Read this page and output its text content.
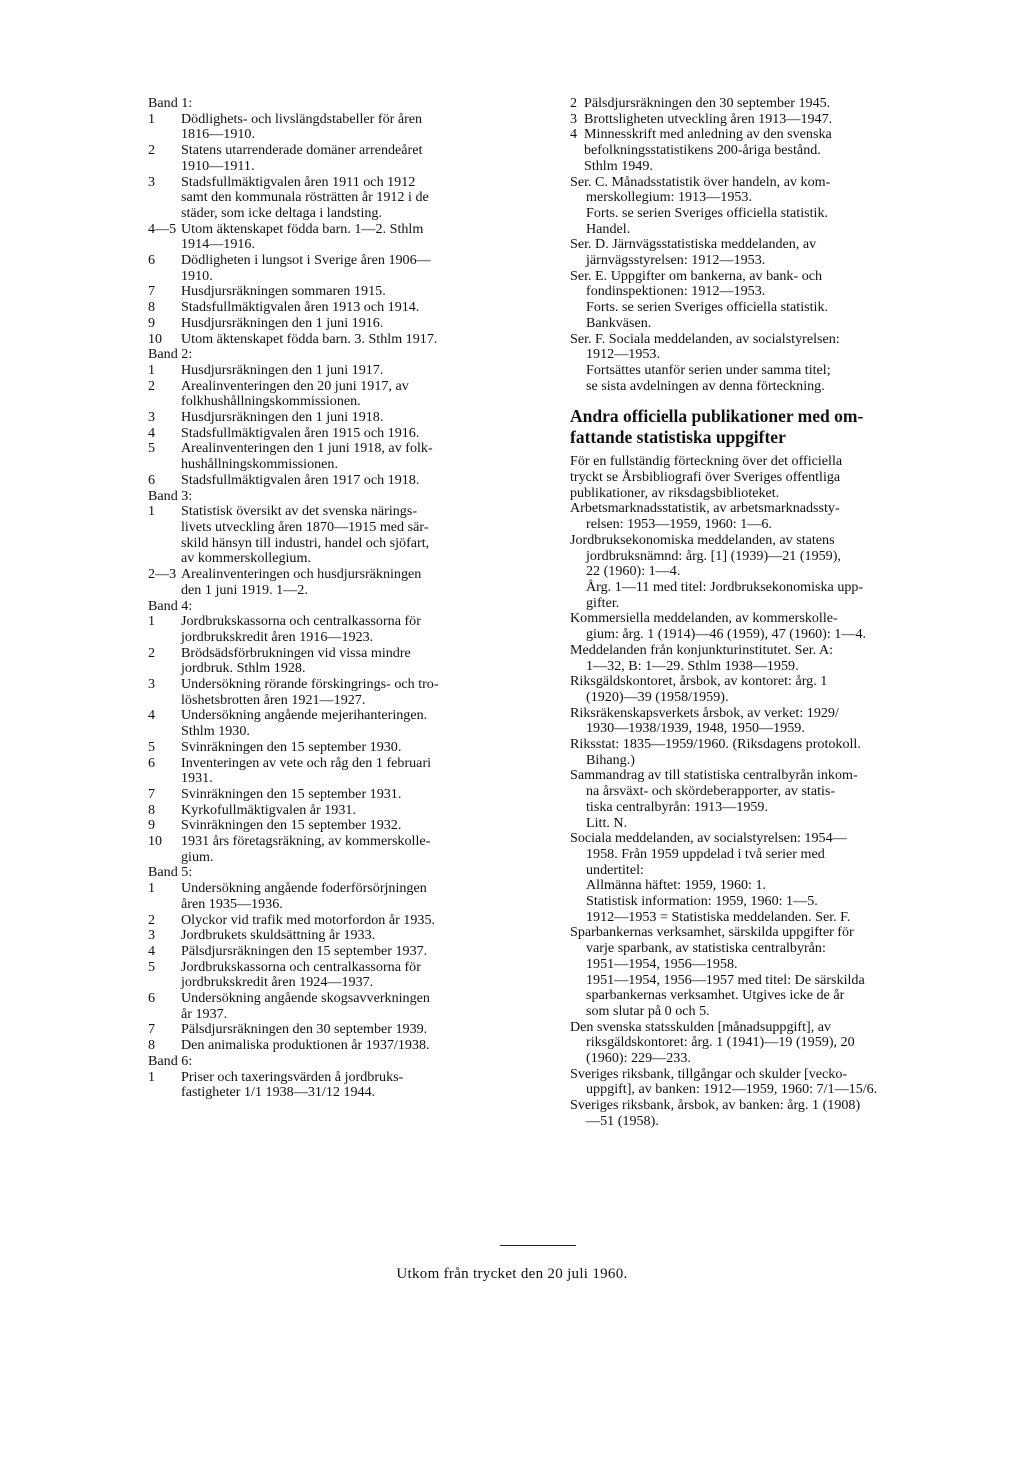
Band 1:
1	Dödlighets- och livslängdstabeller för åren
1816—1910.
2	Statens utarrenderade domäner arrendeåret
1910—1911.
3	Stadsfullmäktigvalen åren 1911 och 1912
samt den kommunala rösträtten år 1912 i de
städer, som icke deltaga i landsting.
4—5 Utom äktenskapet födda barn. 1—2. Sthlm
1914—1916.
6	Dödligheten i lungsot i Sverige åren 1906—
1910.
7	Husdjursräkningen sommaren 1915.
8	Stadsfullmäktigvalen åren 1913 och 1914.
9	Husdjursräkningen den 1 juni 1916.
10	Utom äktenskapet födda barn. 3. Sthlm 1917.
Band 2:
1	Husdjursräkningen den 1 juni 1917.
2	Arealinventeringen den 20 juni 1917, av
folkhushållningskommissionen.
3	Husdjursräkningen den 1 juni 1918.
4	Stadsfullmäktigvalen åren 1915 och 1916.
5	Arealinventeringen den 1 juni 1918, av folk-
hushållningskommissionen.
6	Stadsfullmäktigvalen åren 1917 och 1918.
Band 3:
1	Statistisk översikt av det svenska närings-
livets utveckling åren 1870—1915 med sär-
skild hänsyn till industri, handel och sjöfart,
av kommerskollegium.
2—3 Arealinventeringen och husdjursräkningen
den 1 juni 1919. 1—2.
Band 4:
1	Jordbrukskassorna och centralkassorna för
jordbrukskredit åren 1916—1923.
2	Brödsädsförbrukningen vid vissa mindre
jordbruk. Sthlm 1928.
3	Undersökning rörande förskingrings- och tro-
löshetsbrotten åren 1921—1927.
4	Undersökning angående mejerihanteringen.
Sthlm 1930.
5	Svinräkningen den 15 september 1930.
6	Inventeringen av vete och råg den 1 februari
1931.
7	Svinräkningen den 15 september 1931.
8	Kyrkofullmäktigvalen år 1931.
9	Svinräkningen den 15 september 1932.
10	1931 års företagsräkning, av kommerskolle-
gium.
Band 5:
1	Undersökning angående foderförsörjningen
åren 1935—1936.
2	Olyckor vid trafik med motorfordon år 1935.
3	Jordbrukets skuldsättning år 1933.
4	Pälsdjursräkningen den 15 september 1937.
5	Jordbrukskassorna och centralkassorna för
jordbrukskredit åren 1924—1937.
6	Undersökning angående skogsavverkningen
år 1937.
7	Pälsdjursräkningen den 30 september 1939.
8	Den animaliska produktionen år 1937/1938.
Band 6:
1	Priser och taxeringsvärden å jordbruks-
fastigheter 1/1 1938—31/12 1944.
2 Pälsdjursräkningen den 30 september 1945.
3 Brottsligheten utveckling åren 1913—1947.
4 Minnesskrift med anledning av den svenska
befolkningsstatistikens 200-åriga bestånd.
Sthlm 1949.
Ser. C. Månadsstatistik över handeln, av kom-
merskollegium: 1913—1953.
Forts. se serien Sveriges officiella statistik.
Handel.
Ser. D. Järnvägsstatistiska meddelanden, av
järnvägsstyrelsen: 1912—1953.
Ser. E. Uppgifter om bankerna, av bank- och
fondinspektionen: 1912—1953.
Forts. se serien Sveriges officiella statistik.
Bankväsen.
Ser. F. Sociala meddelanden, av socialstyrelsen:
1912—1953.
Fortsättes utanför serien under samma titel;
se sista avdelningen av denna förteckning.
Andra officiella publikationer med om-
fattande statistiska uppgifter
För en fullständig förteckning över det officiella
tryckt se Årsbibliografi över Sveriges offentliga
publikationer, av riksdagsbiblioteket.
Arbetsmarknadsstatistik, av arbetsmarknadssty-
relsen: 1953—1959, 1960: 1—6.
Jordbruksekonomiska meddelanden, av statens
jordbruksnämnd: årg. [1] (1939)—21 (1959),
22 (1960): 1—4.
Årg. 1—11 med titel: Jordbruksekonomiska upp-
gifter.
Kommersiella meddelanden, av kommerskolle-
gium: årg. 1 (1914)—46 (1959), 47 (1960): 1—4.
Meddelanden från konjunkturinstitutet. Ser. A:
1—32, B: 1—29. Sthlm 1938—1959.
Riksgäldskontoret, årsbok, av kontoret: årg. 1
(1920)—39 (1958/1959).
Riksräkenskapsverkets årsbok, av verket: 1929/
1930—1938/1939, 1948, 1950—1959.
Riksstat: 1835—1959/1960. (Riksdagens protokoll.
Bihang.)
Sammandrag av till statistiska centralbyrån inkom-
na årsväxt- och skördeberapporter, av statis-
tiska centralbyrån: 1913—1959.
Litt. N.
Sociala meddelanden, av socialstyrelsen: 1954—
1958. Från 1959 uppdelad i två serier med
undertitel:
Allmänna häftet: 1959, 1960: 1.
Statistisk information: 1959, 1960: 1—5.
1912—1953 = Statistiska meddelanden. Ser. F.
Sparbankernas verksamhet, särskilda uppgifter för
varje sparbank, av statistiska centralbyrån:
1951—1954, 1956—1958.
1951—1954, 1956—1957 med titel: De särskilda
sparbankernas verksamhet. Utgives icke de år
som slutar på 0 och 5.
Den svenska statsskulden [månadsuppgift], av
riksgäldskontoret: årg. 1 (1941)—19 (1959), 20
(1960): 229—233.
Sveriges riksbank, tillgångar och skulder [vecko-
uppgift], av banken: 1912—1959, 1960: 7/1—15/6.
Sveriges riksbank, årsbok, av banken: årg. 1 (1908)
—51 (1958).
Utkom från trycket den 20 juli 1960.
